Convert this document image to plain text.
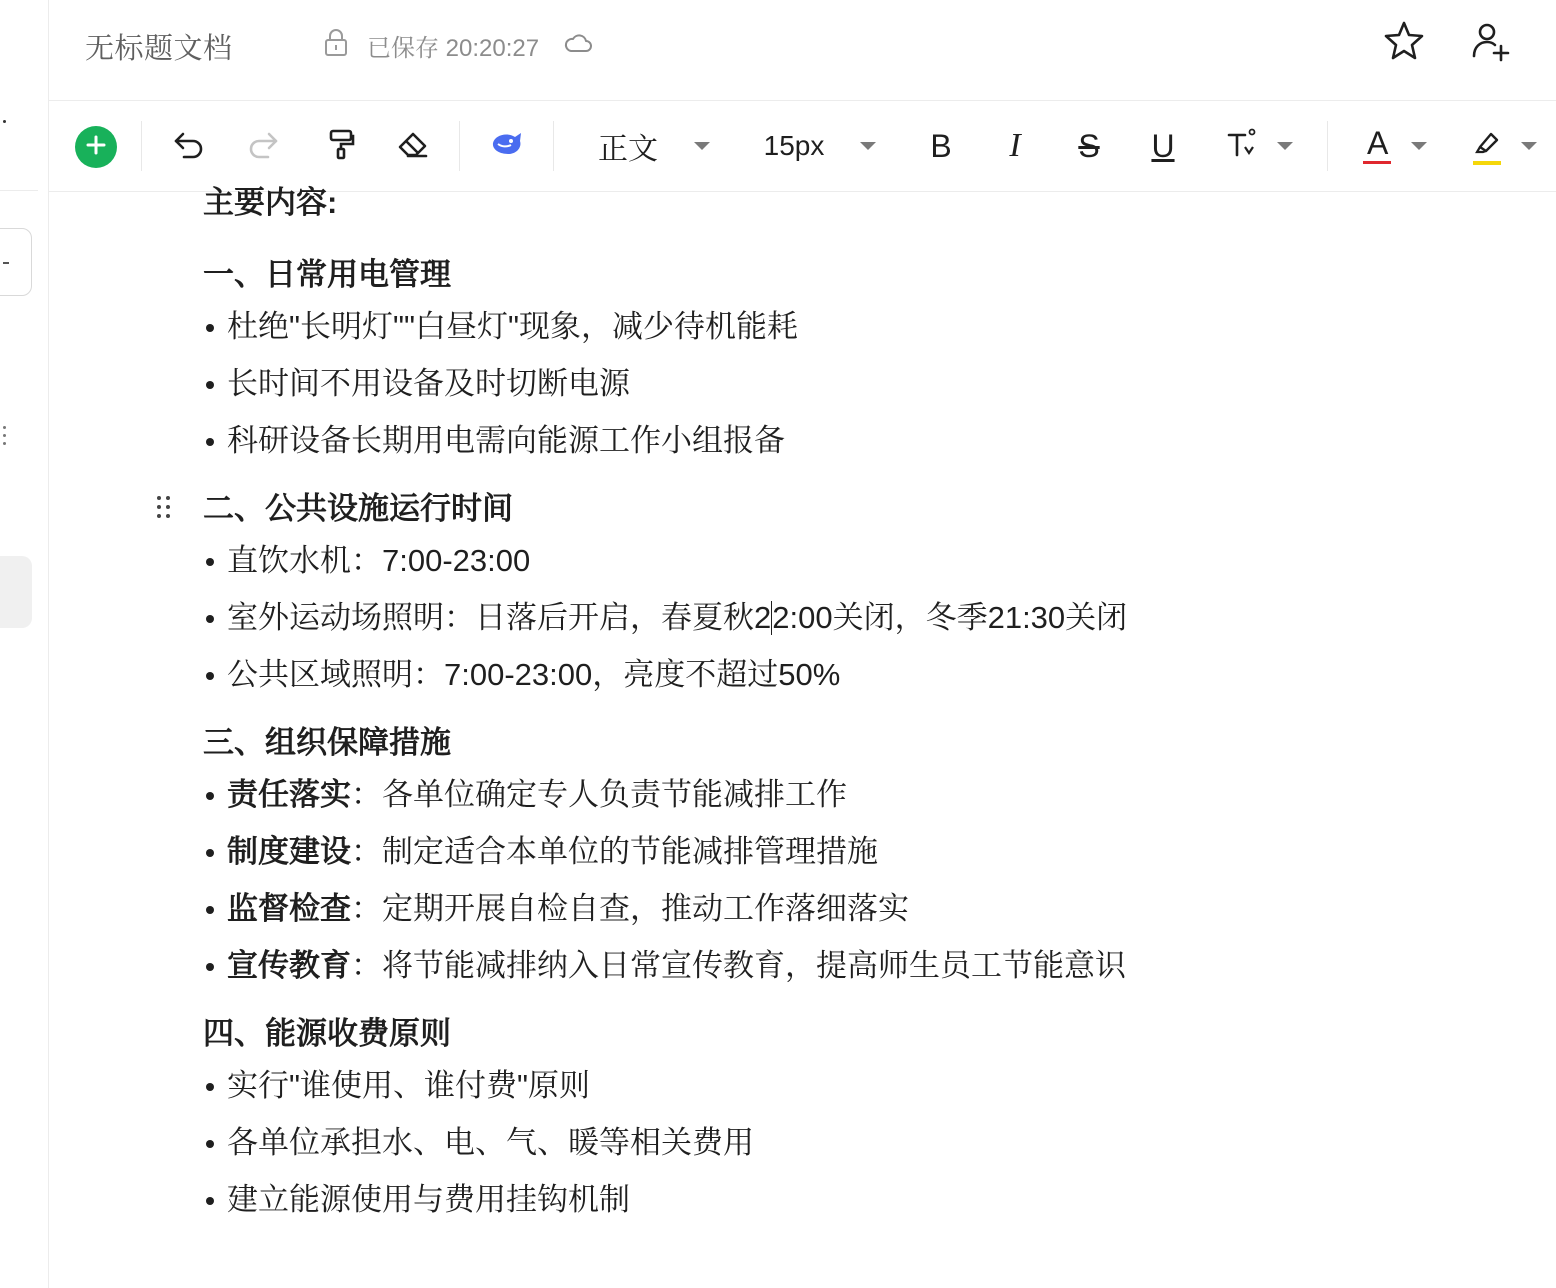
无标题文档	已保存 20:20:27
正文	15px	B I S U	A
主要内容:
一、日常用电管理
杜绝"长明灯""白昼灯"现象，减少待机能耗
长时间不用设备及时切断电源
科研设备长期用电需向能源工作小组报备
二、公共设施运行时间
直饮水机：7:00-23:00
室外运动场照明：日落后开启，春夏秋22:00关闭，冬季21:30关闭
公共区域照明：7:00-23:00，亮度不超过50%
三、组织保障措施
责任落实：各单位确定专人负责节能减排工作
制度建设：制定适合本单位的节能减排管理措施
监督检查：定期开展自检自查，推动工作落细落实
宣传教育：将节能减排纳入日常宣传教育，提高师生员工节能意识
四、能源收费原则
实行"谁使用、谁付费"原则
各单位承担水、电、气、暖等相关费用
建立能源使用与费用挂钩机制
